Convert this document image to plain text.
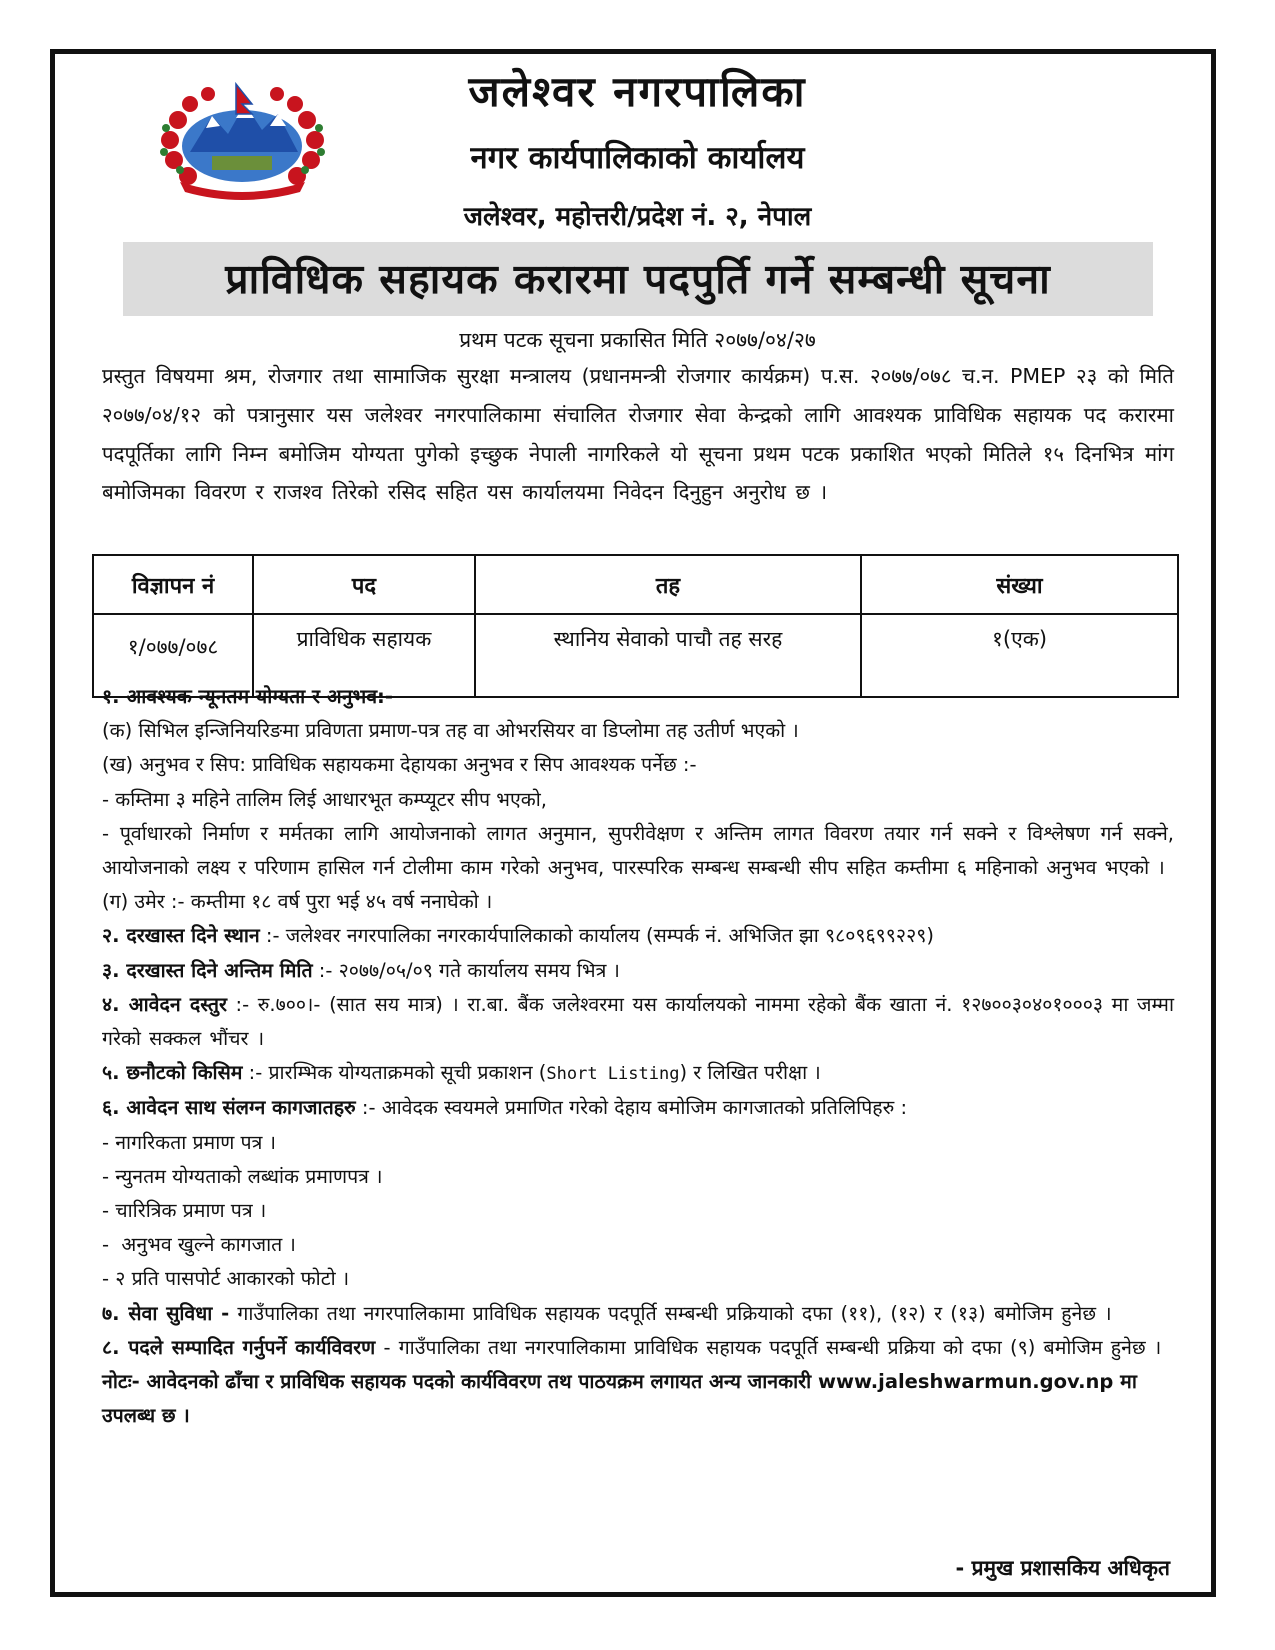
जलेश्वर नगरपालिका
नगर कार्यपालिकाको कार्यालय
जलेश्वर, महोत्तरी/प्रदेश नं. २, नेपाल
प्राविधिक सहायक करारमा पदपुर्ति गर्ने सम्बन्धी सूचना
प्रथम पटक सूचना प्रकासित मिति २०७७/०४/२७
प्रस्तुत विषयमा श्रम, रोजगार तथा सामाजिक सुरक्षा मन्त्रालय (प्रधानमन्त्री रोजगार कार्यक्रम) प.स. २०७७/०७८ च.न. PMEP २३ को मिति २०७७/०४/१२ को पत्रानुसार यस जलेश्वर नगरपालिकामा संचालित रोजगार सेवा केन्द्रको लागि आवश्यक प्राविधिक सहायक पद करारमा पदपूर्तिका लागि निम्न बमोजिम योग्यता पुगेको इच्छुक नेपाली नागरिकले यो सूचना प्रथम पटक प्रकाशित भएको मितिले १५ दिनभित्र मांग बमोजिमका विवरण र राजश्व तिरेको रसिद सहित यस कार्यालयमा निवेदन दिनुहुन अनुरोध छ ।
विज्ञापन नं	पद	तह	संख्या
१/०७७/०७८	प्राविधिक सहायक	स्थानिय सेवाको पाचौ तह सरह	१(एक)

१. आवश्यक न्यूनतम योग्यता र अनुभव:-

(क) सिभिल इन्जिनियरिङमा प्रविणता प्रमाण-पत्र तह वा ओभरसियर वा डिप्लोमा तह उतीर्ण भएको ।

(ख) अनुभव र सिप: प्राविधिक सहायकमा देहायका अनुभव र सिप आवश्यक पर्नेछ :-

- कम्तिमा ३ महिने तालिम लिई आधारभूत कम्प्यूटर सीप भएको,

- पूर्वाधारको निर्माण र मर्मतका लागि आयोजनाको लागत अनुमान, सुपरीवेक्षण र अन्तिम लागत विवरण तयार गर्न सक्ने र विश्लेषण गर्न सक्ने, आयोजनाको लक्ष्य र परिणाम हासिल गर्न टोलीमा काम गरेको अनुभव, पारस्परिक सम्बन्ध सम्बन्धी सीप सहित कम्तीमा ६ महिनाको अनुभव भएको ।

(ग) उमेर :- कम्तीमा १८ वर्ष पुरा भई ४५ वर्ष ननाघेको ।

२. दरखास्त दिने स्थान :- जलेश्वर नगरपालिका नगरकार्यपालिकाको कार्यालय (सम्पर्क नं. अभिजित झा ९८०९६९९२२९)

३. दरखास्त दिने अन्तिम मिति :- २०७७/०५/०९ गते कार्यालय समय भित्र ।

४. आवेदन दस्तुर :- रु.७००।- (सात सय मात्र) । रा.बा. बैंक जलेश्वरमा यस कार्यालयको नाममा रहेको बैंक खाता नं. १२७००३०४०१०००३ मा जम्मा गरेको सक्कल भौंचर ।

५. छनौटको किसिम :- प्रारम्भिक योग्यताक्रमको सूची प्रकाशन (Short Listing) र लिखित परीक्षा ।

६. आवेदन साथ संलग्न कागजातहरु :- आवेदक स्वयमले प्रमाणित गरेको देहाय बमोजिम कागजातको प्रतिलिपिहरु :

- नागरिकता प्रमाण पत्र ।

- न्युनतम योग्यताको लब्धांक प्रमाणपत्र ।

- चारित्रिक प्रमाण पत्र ।

-  अनुभव खुल्ने कागजात ।

- २ प्रति पासपोर्ट आकारको फोटो ।

७. सेवा सुविधा - गाउँपालिका तथा नगरपालिकामा प्राविधिक सहायक पदपूर्ति सम्बन्धी प्रक्रियाको दफा (११), (१२) र (१३) बमोजिम हुनेछ ।

८. पदले सम्पादित गर्नुपर्ने कार्यविवरण - गाउँपालिका तथा नगरपालिकामा प्राविधिक सहायक पदपूर्ति सम्बन्धी प्रक्रिया को दफा (९) बमोजिम हुनेछ ।

नोटः- आवेदनको ढाँचा र प्राविधिक सहायक पदको कार्यविवरण तथ पाठयक्रम लगायत अन्य जानकारी www.jaleshwarmun.gov.np मा उपलब्ध छ ।

- प्रमुख प्रशासकिय अधिकृत
